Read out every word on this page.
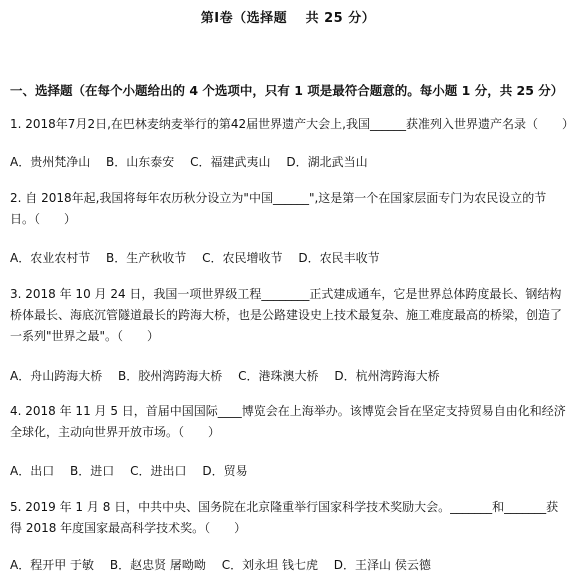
第Ⅰ卷（选择题　 共 25 分）
一、选择题（在每个小题给出的 4 个选项中，只有 1 项是最符合题意的。每小题 1 分，共 25 分）
1. 2018年7月2日,在巴林麦纳麦举行的第42届世界遗产大会上,我国______获准列入世界遗产名录（　　）
A．贵州梵净山 B．山东泰安 C．福建武夷山 D．湖北武当山
2. 自 2018年起,我国将每年农历秋分设立为"中国______",这是第一个在国家层面专门为农民设立的节日。（　　）
A．农业农村节 B．生产秋收节 C．农民增收节 D．农民丰收节
3. 2018 年 10 月 24 日，我国一项世界级工程________正式建成通车，它是世界总体跨度最长、钢结构桥体最长、海底沉管隧道最长的跨海大桥，也是公路建设史上技术最复杂、施工难度最高的桥梁，创造了一系列"世界之最"。（　　）
A．舟山跨海大桥 B．胶州湾跨海大桥 C．港珠澳大桥 D．杭州湾跨海大桥
4. 2018 年 11 月 5 日，首届中国国际____博览会在上海举办。该博览会旨在坚定支持贸易自由化和经济全球化，主动向世界开放市场。（　　）
A．出口 B．进口 C．进出口 D．贸易
5. 2019 年 1 月 8 日，中共中央、国务院在北京隆重举行国家科学技术奖励大会。_______和_______获得 2018 年度国家最高科学技术奖。（　　）
A．程开甲 于敏 B．赵忠贤 屠呦呦 C．刘永坦 钱七虎 D．王泽山 侯云德
